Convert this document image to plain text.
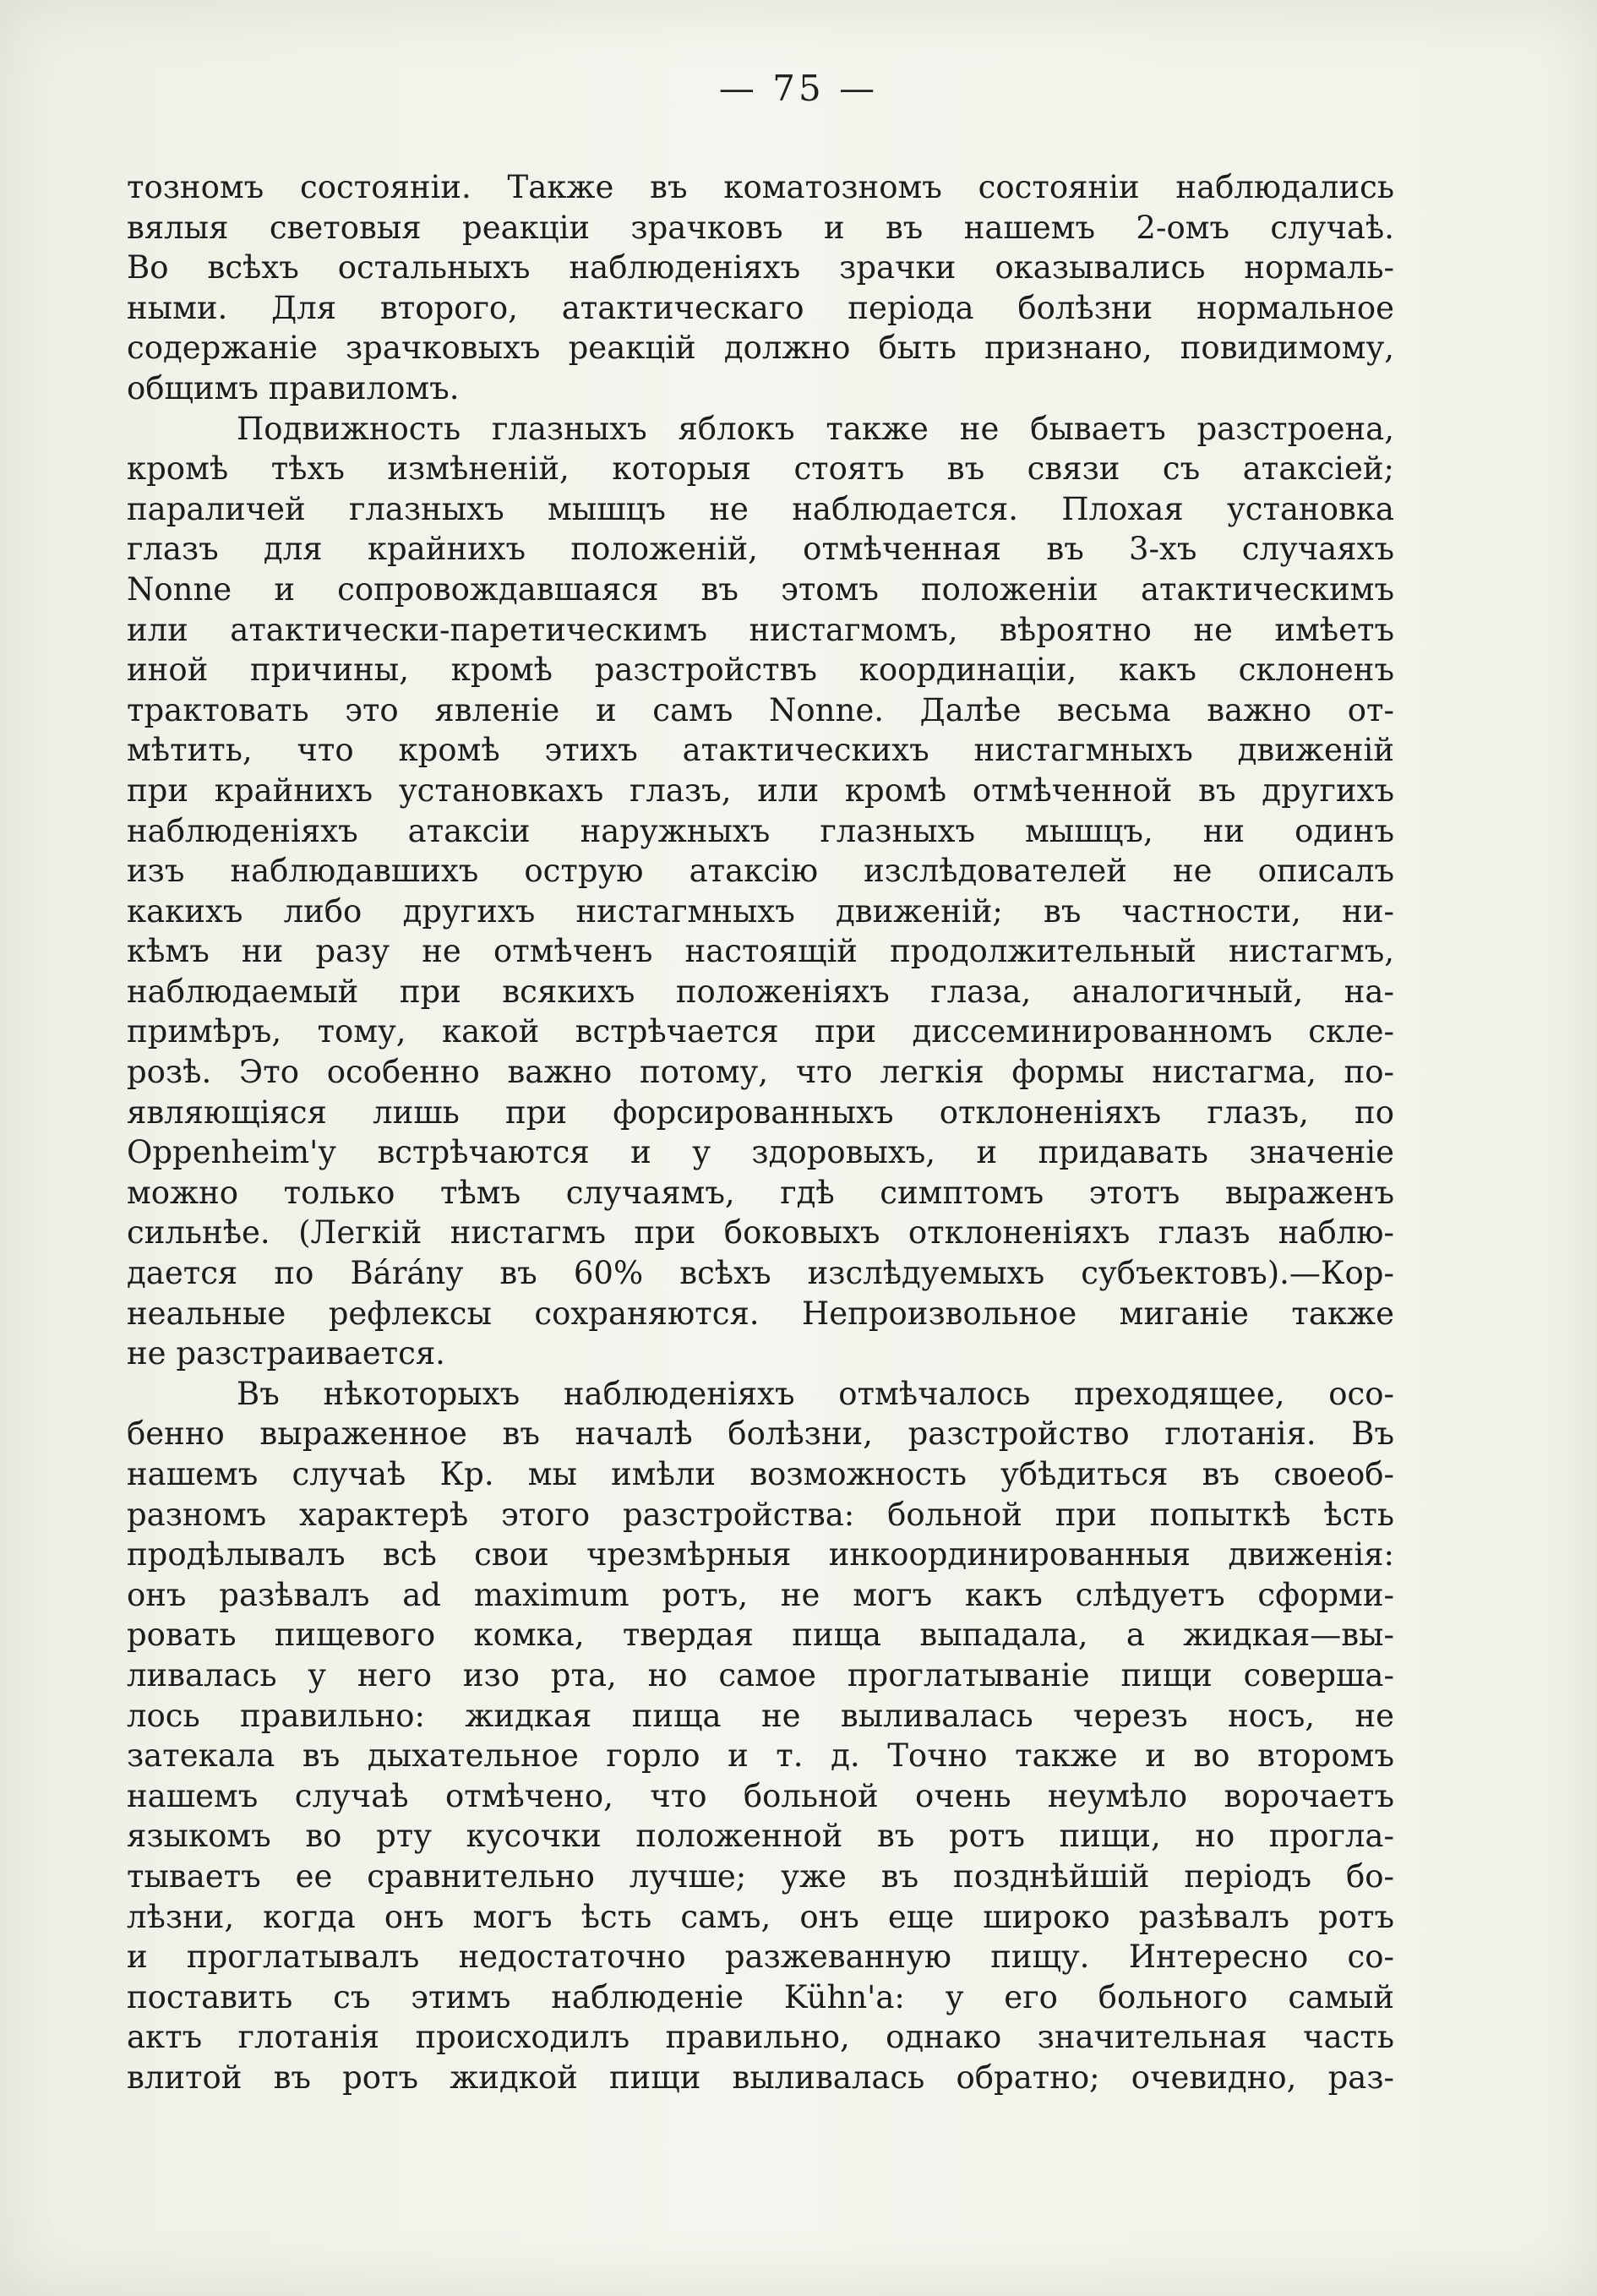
— 75 —
тозномъ состоянiи. Также въ коматозномъ состоянiи наблюдались
вялыя световыя реакцiи зрачковъ и въ нашемъ 2-омъ случаѣ.
Во всѣхъ остальныхъ наблюденiяхъ зрачки оказывались нормаль-
ными. Для второго, атактическаго перiода болѣзни нормальное
содержанiе зрачковыхъ реакцiй должно быть признано, повидимому,
общимъ правиломъ.
Подвижность глазныхъ яблокъ также не бываетъ разстроена,
кромѣ тѣхъ измѣненiй, которыя стоятъ въ связи съ атаксiей;
параличей глазныхъ мышцъ не наблюдается. Плохая установка
глазъ для крайнихъ положенiй, отмѣченная въ 3-хъ случаяхъ
Nonne и сопровождавшаяся въ этомъ положенiи атактическимъ
или атактически-паретическимъ нистагмомъ, вѣроятно не имѣетъ
иной причины, кромѣ разстройствъ координацiи, какъ склоненъ
трактовать это явленiе и самъ Nonne. Далѣе весьма важно от-
мѣтить, что кромѣ этихъ атактическихъ нистагмныхъ движенiй
при крайнихъ установкахъ глазъ, или кромѣ отмѣченной въ другихъ
наблюденiяхъ атаксiи наружныхъ глазныхъ мышцъ, ни одинъ
изъ наблюдавшихъ острую атаксiю изслѣдователей не описалъ
какихъ либо другихъ нистагмныхъ движенiй; въ частности, ни-
кѣмъ ни разу не отмѣченъ настоящiй продолжительный нистагмъ,
наблюдаемый при всякихъ положенiяхъ глаза, аналогичный, на-
примѣръ, тому, какой встрѣчается при диссеминированномъ скле-
розѣ. Это особенно важно потому, что легкiя формы нистагма, по-
являющiяся лишь при форсированныхъ отклоненiяхъ глазъ, по
Oppenheim'у встрѣчаются и у здоровыхъ, и придавать значенiе
можно только тѣмъ случаямъ, гдѣ симптомъ этотъ выраженъ
сильнѣе. (Легкiй нистагмъ при боковыхъ отклоненiяхъ глазъ наблю-
дается по Bárány въ 60% всѣхъ изслѣдуемыхъ субъектовъ).—Кор-
неальные рефлексы сохраняются. Непроизвольное миганiе также
не разстраивается.
Въ нѣкоторыхъ наблюденiяхъ отмѣчалось преходящее, осо-
бенно выраженное въ началѣ болѣзни, разстройство глотанiя. Въ
нашемъ случаѣ Кр. мы имѣли возможность убѣдиться въ своеоб-
разномъ характерѣ этого разстройства: больной при попыткѣ ѣсть
продѣлывалъ всѣ свои чрезмѣрныя инкоординированныя движенiя:
онъ разѣвалъ ad maximum ротъ, не могъ какъ слѣдуетъ сформи-
ровать пищевого комка, твердая пища выпадала, а жидкая—вы-
ливалась у него изо рта, но самое проглатыванiе пищи соверша-
лось правильно: жидкая пища не выливалась черезъ носъ, не
затекала въ дыхательное горло и т. д. Точно также и во второмъ
нашемъ случаѣ отмѣчено, что больной очень неумѣло ворочаетъ
языкомъ во рту кусочки положенной въ ротъ пищи, но прогла-
тываетъ ее сравнительно лучше; уже въ позднѣйшiй перiодъ бо-
лѣзни, когда онъ могъ ѣсть самъ, онъ еще широко разѣвалъ ротъ
и проглатывалъ недостаточно разжеванную пищу. Интересно со-
поставить съ этимъ наблюденiе Kühn'а: у его больного самый
актъ глотанiя происходилъ правильно, однако значительная часть
влитой въ ротъ жидкой пищи выливалась обратно; очевидно, раз-
